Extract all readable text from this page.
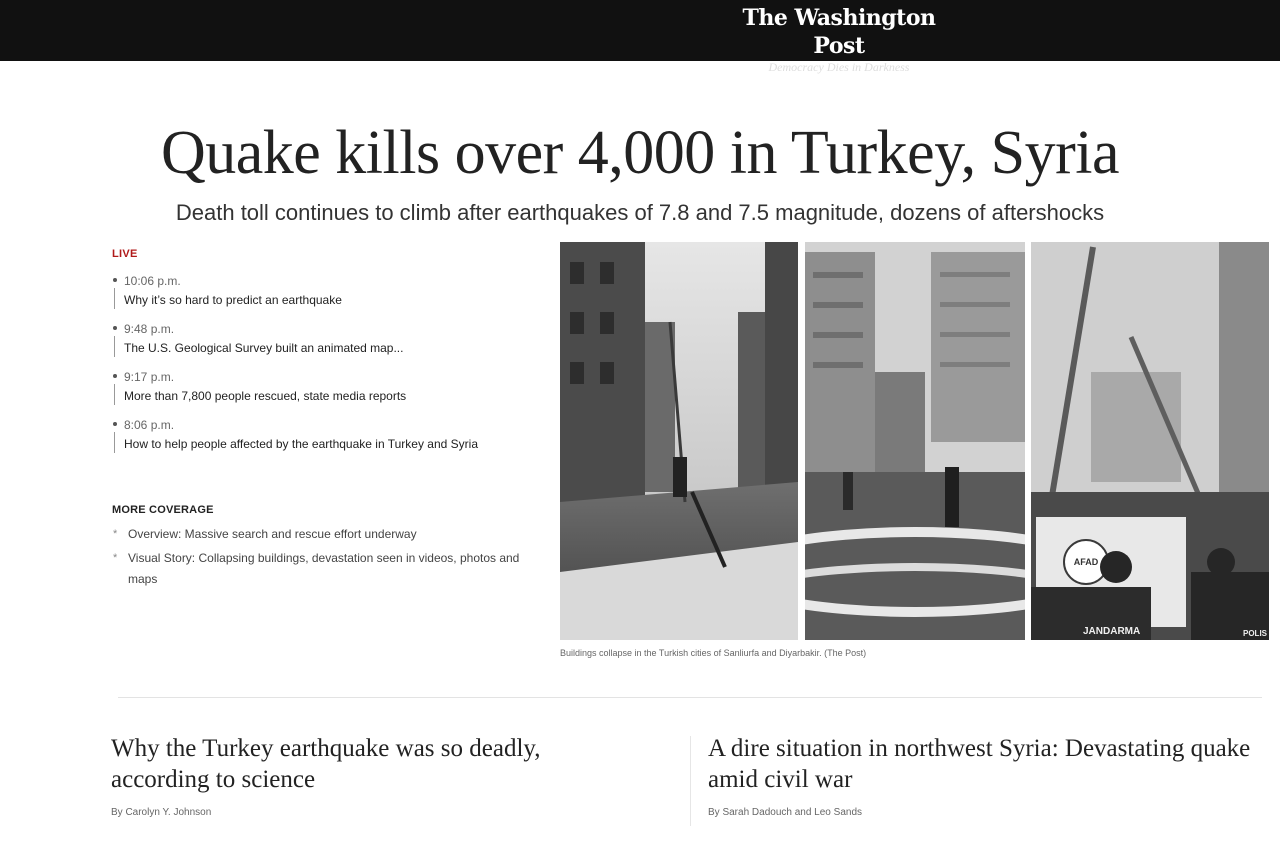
The Washington Post
Democracy Dies in Darkness
Quake kills over 4,000 in Turkey, Syria
Death toll continues to climb after earthquakes of 7.8 and 7.5 magnitude, dozens of aftershocks
LIVE
10:06 p.m.
Why it’s so hard to predict an earthquake
9:48 p.m.
The U.S. Geological Survey built an animated map...
9:17 p.m.
More than 7,800 people rescued, state media reports
8:06 p.m.
How to help people affected by the earthquake in Turkey and Syria
MORE COVERAGE
* Overview: Massive search and rescue effort underway
* Visual Story: Collapsing buildings, devastation seen in videos, photos and maps
AFAD
JANDARMA	POLIS
Buildings collapse in the Turkish cities of Sanliurfa and Diyarbakir. (The Post)
Why the Turkey earthquake was so deadly, according to science
By Carolyn Y. Johnson
A dire situation in northwest Syria: Devastating quake amid civil war
By Sarah Dadouch and Leo Sands
